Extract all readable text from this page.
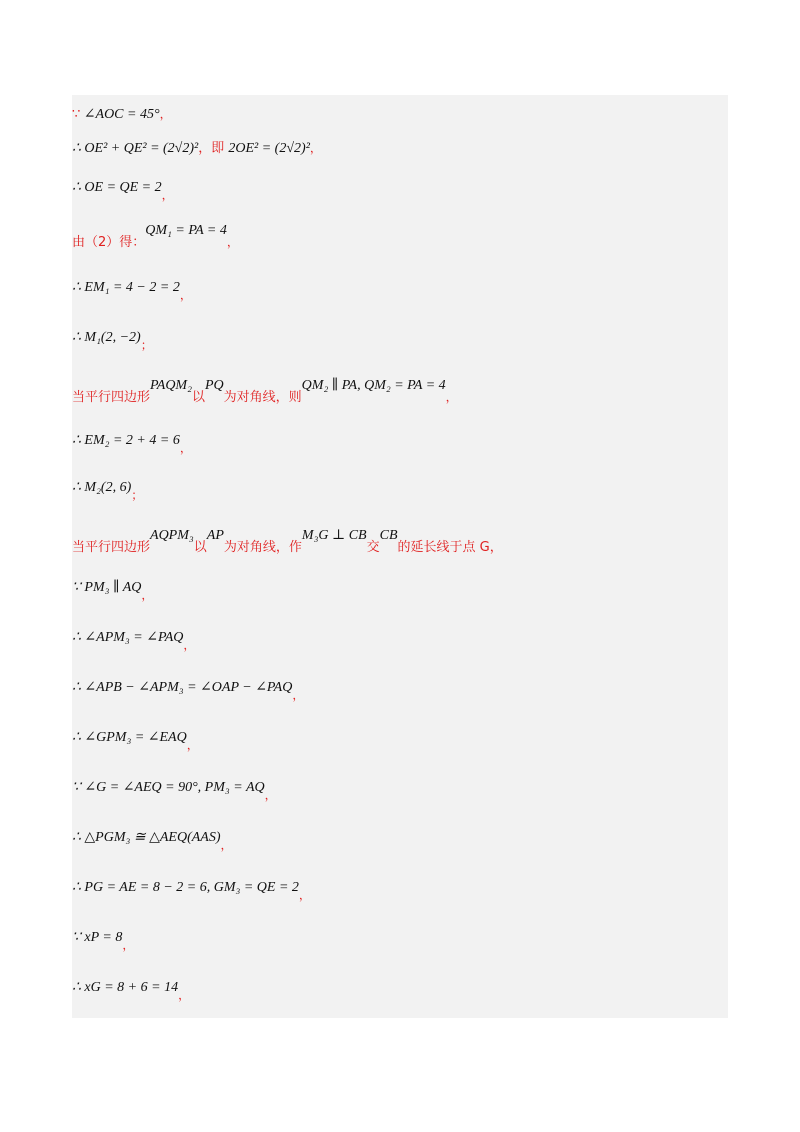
∵ ∠AOC = 45°，
∴ OE² + QE² = (2√2)²，即 2OE² = (2√2)²，
∴ OE = QE = 2，
由（2）得：QM₁ = PA = 4，
∴ EM₁ = 4 − 2 = 2，
∴ M₁(2, −2)；
当平行四边形PAQM₂以PQ为对角线，则QM₂ ∥ PA, QM₂ = PA = 4，
∴ EM₂ = 2 + 4 = 6，
∴ M₂(2, 6)；
当平行四边形AQPM₃以AP为对角线，作M₃G ⊥ CB交CB的延长线于点 G，
∵ PM₃ ∥ AQ，
∴ ∠APM₃ = ∠PAQ，
∴ ∠APB − ∠APM₃ = ∠OAP − ∠PAQ，
∴ ∠GPM₃ = ∠EAQ，
∵ ∠G = ∠AEQ = 90°, PM₃ = AQ，
∴ △PGM₃ ≅ △AEQ(AAS)，
∴ PG = AE = 8 − 2 = 6, GM₃ = QE = 2，
∵ xP = 8，
∴ xG = 8 + 6 = 14，
